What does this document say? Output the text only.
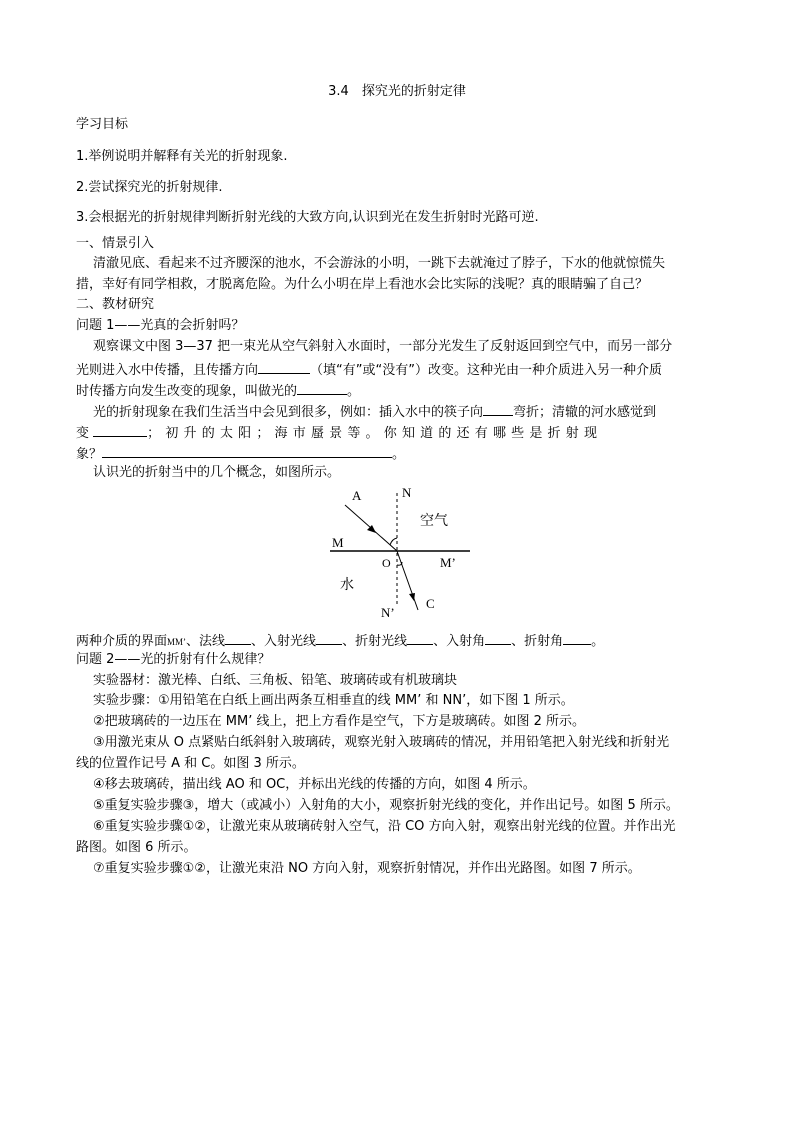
3.4　探究光的折射定律
学习目标
1.举例说明并解释有关光的折射现象.
2.尝试探究光的折射规律.
3.会根据光的折射规律判断折射光线的大致方向,认识到光在发生折射时光路可逆.
一、情景引入
清澈见底、看起来不过齐腰深的池水，不会游泳的小明，一跳下去就淹过了脖子，下水的他就惊慌失
措，幸好有同学相救，才脱离危险。为什么小明在岸上看池水会比实际的浅呢？真的眼睛骗了自己？
二、教材研究
问题 1——光真的会折射吗？
观察课文中图 3—37 把一束光从空气斜射入水面时，一部分光发生了反射返回到空气中，而另一部分
光则进入水中传播，且传播方向	（填“有”或“没有”）改变。这种光由一种介质进入另一种介质
时传播方向发生改变的现象，叫做光的	。
光的折射现象在我们生活当中会见到很多，例如：插入水中的筷子向 弯折；清辙的河水感觉到
变	；初升的太阳；海市蜃景等。你知道的还有哪些是折射现
象？	。
认识光的折射当中的几个概念，如图所示。
A	N
空气
M
O	M’
水
N’
C
两种介质的界面MM’、法线 、入射光线 、折射光线 、入射角 、折射角 。
问题 2——光的折射有什么规律？
实验器材：激光棒、白纸、三角板、铅笔、玻璃砖或有机玻璃块
实验步骤：①用铅笔在白纸上画出两条互相垂直的线 MM’ 和 NN’，如下图 1 所示。
②把玻璃砖的一边压在 MM’ 线上，把上方看作是空气，下方是玻璃砖。如图 2 所示。
③用激光束从 O 点紧贴白纸斜射入玻璃砖，观察光射入玻璃砖的情况，并用铅笔把入射光线和折射光
线的位置作记号 A 和 C。如图 3 所示。
④移去玻璃砖，描出线 AO 和 OC，并标出光线的传播的方向，如图 4 所示。
⑤重复实验步骤③，增大（或减小）入射角的大小，观察折射光线的变化，并作出记号。如图 5 所示。
⑥重复实验步骤①②，让激光束从玻璃砖射入空气，沿 CO 方向入射，观察出射光线的位置。并作出光
路图。如图 6 所示。
⑦重复实验步骤①②，让激光束沿 NO 方向入射，观察折射情况，并作出光路图。如图 7 所示。
